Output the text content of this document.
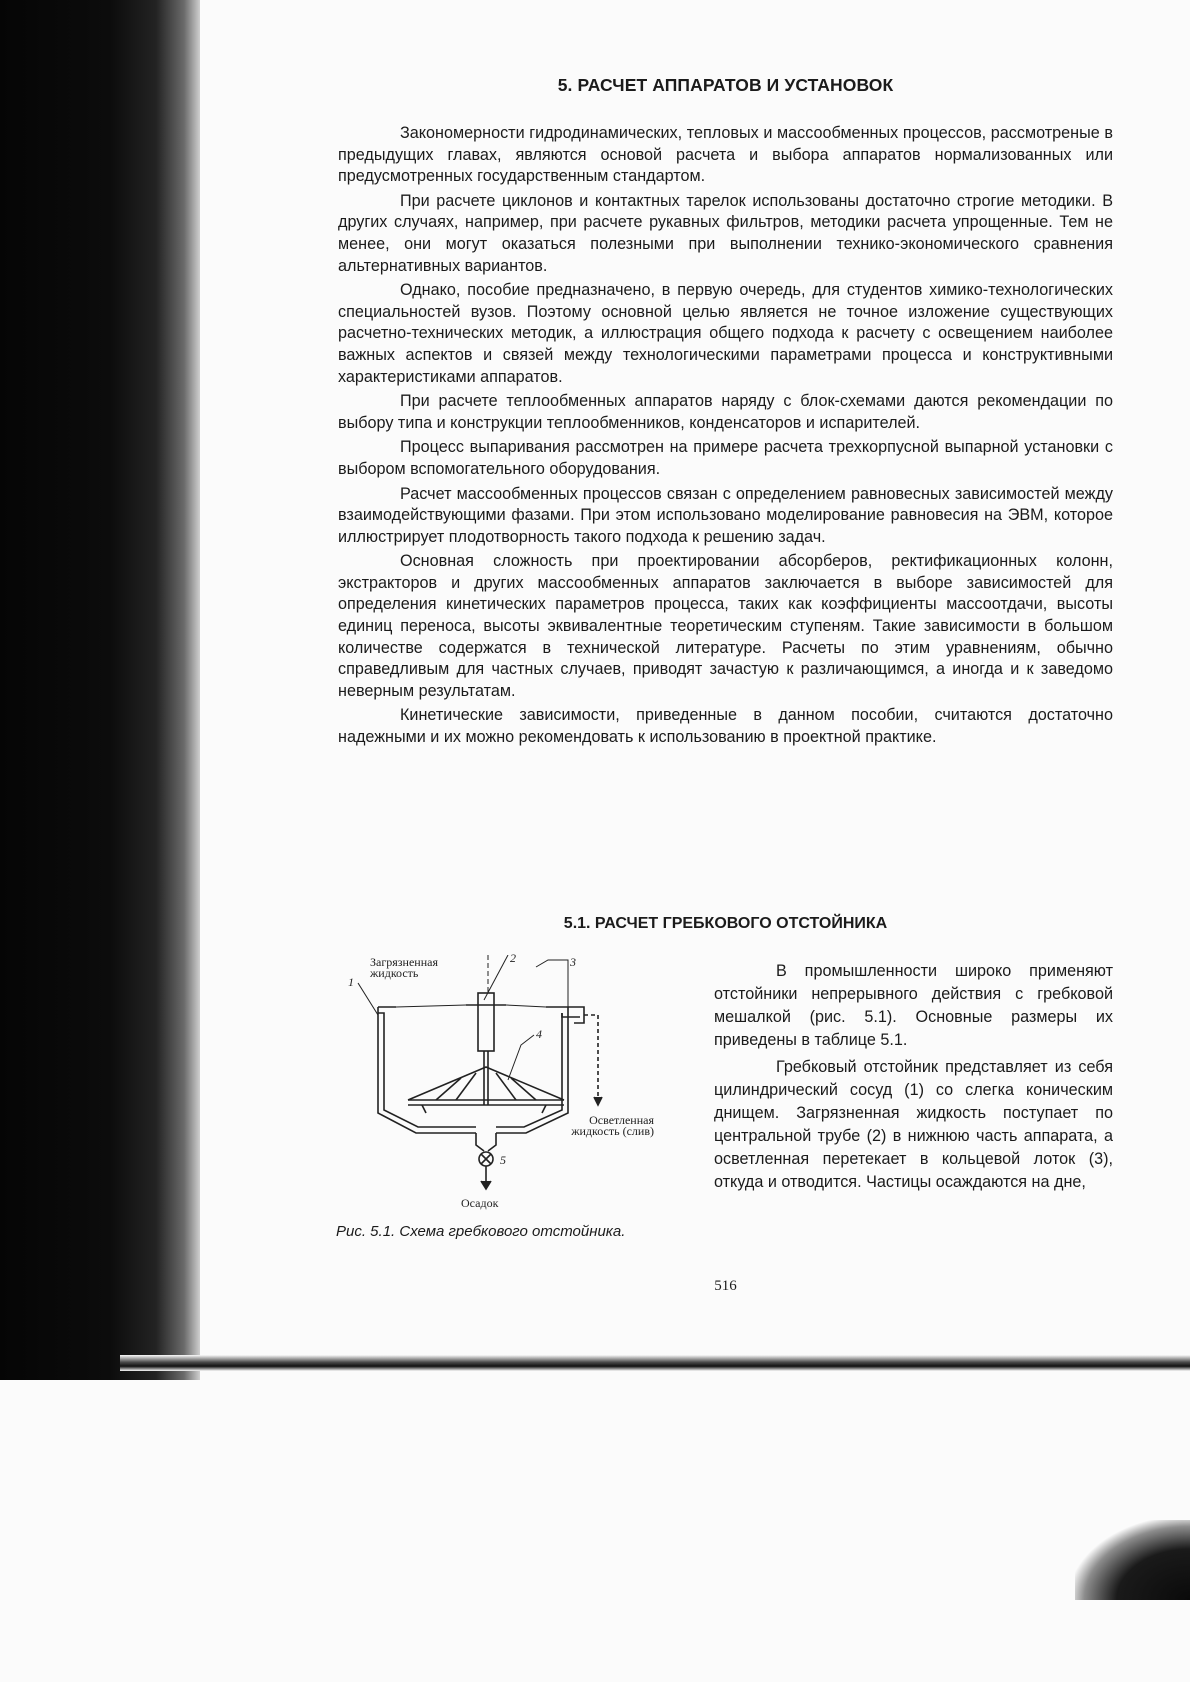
5. РАСЧЕТ АППАРАТОВ И УСТАНОВОК

Закономерности гидродинамических, тепловых и массообменных процессов, рассмотреные в предыдущих главах, являются основой расчета и выбора аппаратов нормализованных или предусмотренных государственным стандартом.

При расчете циклонов и контактных тарелок использованы достаточно строгие методики. В других случаях, например, при расчете рукавных фильтров, методики расчета упрощенные. Тем не менее, они могут оказаться полезными при выполнении технико-экономического сравнения альтернативных вариантов.

Однако, пособие предназначено, в первую очередь, для студентов химико-технологических специальностей вузов. Поэтому основной целью является не точное изложение существующих расчетно-технических методик, а иллюстрация общего подхода к расчету с освещением наиболее важных аспектов и связей между технологическими параметрами процесса и конструктивными характеристиками аппаратов.

При расчете теплообменных аппаратов наряду с блок-схемами даются рекомендации по выбору типа и конструкции теплообменников, конденсаторов и испарителей.

Процесс выпаривания рассмотрен на примере расчета трехкорпусной выпарной установки с выбором вспомогательного оборудования.

Расчет массообменных процессов связан с определением равновесных зависимостей между взаимодействующими фазами. При этом использовано моделирование равновесия на ЭВМ, которое иллюстрирует плодотворность такого подхода к решению задач.

Основная сложность при проектировании абсорберов, ректификационных колонн, экстракторов и других массообменных аппаратов заключается в выборе зависимостей для определения кинетических параметров процесса, таких как коэффициенты массоотдачи, высоты единиц переноса, высоты эквивалентные теоретическим ступеням. Такие зависимости в большом количестве содержатся в технической литературе. Расчеты по этим уравнениям, обычно справедливым для частных случаев, приводят зачастую к различающимся, а иногда и к заведомо неверным результатам.

Кинетические зависимости, приведенные в данном пособии, считаются достаточно надежными и их можно рекомендовать к использованию в проектной практике.

5.1. РАСЧЕТ ГРЕБКОВОГО ОТСТОЙНИКА
Загрязненная
жидкость
Осветленная
жидкость (слив)
Осадок
1
2	3
4
5
Рис. 5.1. Схема гребкового отстойника.

В промышленности широко применяют отстойники непрерывного действия с гребковой мешалкой (рис. 5.1). Основные размеры их приведены в таблице 5.1.

Гребковый отстойник представляет из себя цилиндрический сосуд (1) со слегка коническим днищем. Загрязненная жидкость поступает по центральной трубе (2) в нижнюю часть аппарата, а осветленная перетекает в кольцевой лоток (3), откуда и отводится. Частицы осаждаются на дне,

516
